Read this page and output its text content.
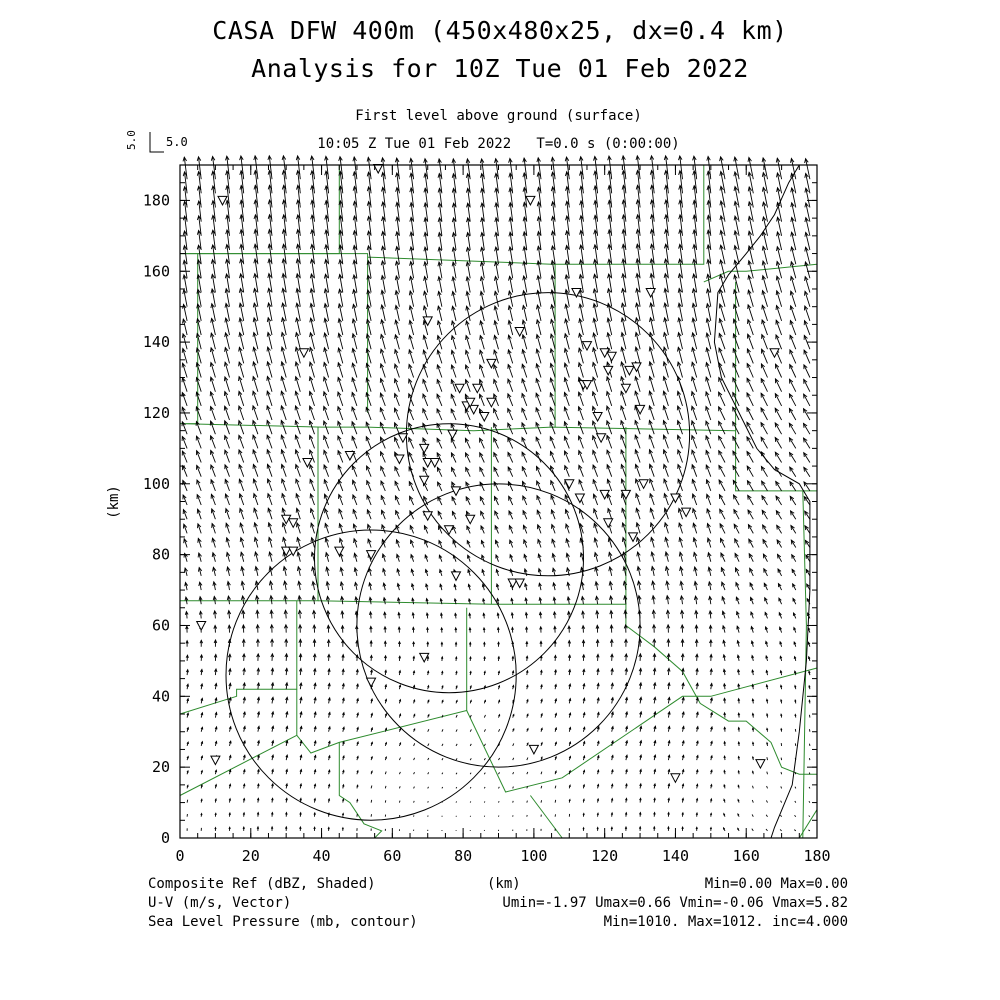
CASA DFW 400m (450x480x25, dx=0.4 km)
Analysis for 10Z Tue 01 Feb 2022
First level above ground (surface)
10:05 Z Tue 01 Feb 2022   T=0.0 s (0:00:00)
5.0
5.0
0	20	40	60	80	100	120	140	160	180
0
20
40
60
80
100
120
140
160
180
(km)
Composite Ref (dBZ, Shaded)	(km)	Min=0.00 Max=0.00
U-V (m/s, Vector)	Umin=-1.97 Umax=0.66 Vmin=-0.06 Vmax=5.82
Sea Level Pressure (mb, contour)	Min=1010. Max=1012. inc=4.000
